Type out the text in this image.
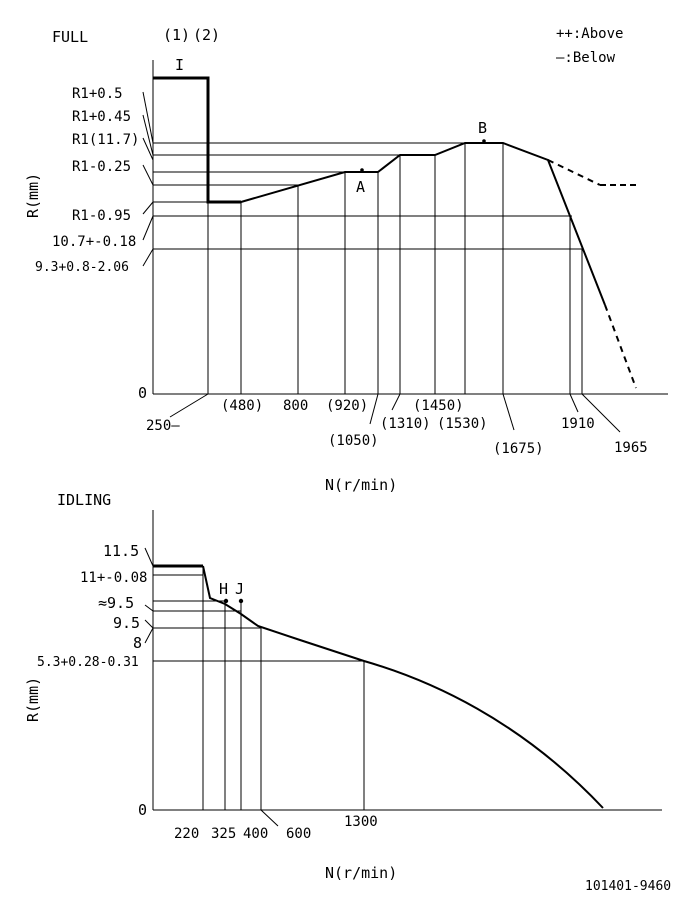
FULL	(1) (2)
I
++:Above
—:Below
R(mm)	A
B
R1+0.5
R1+0.45
R1(11.7)
R1-0.25
R1-0.95
10.7+-0.18
9.3+0.8-2.06
0
250—
(480) 800 (920)
(1050)
(1310)
(1450)
(1530)
(1675)
1910
1965
N(r/min)
IDLING
R(mm)
H J
11.5
11+-0.08
≈9.5
9.5
8
5.3+0.28-0.31
0
220 325 400 600
1300
N(r/min)
101401-9460
